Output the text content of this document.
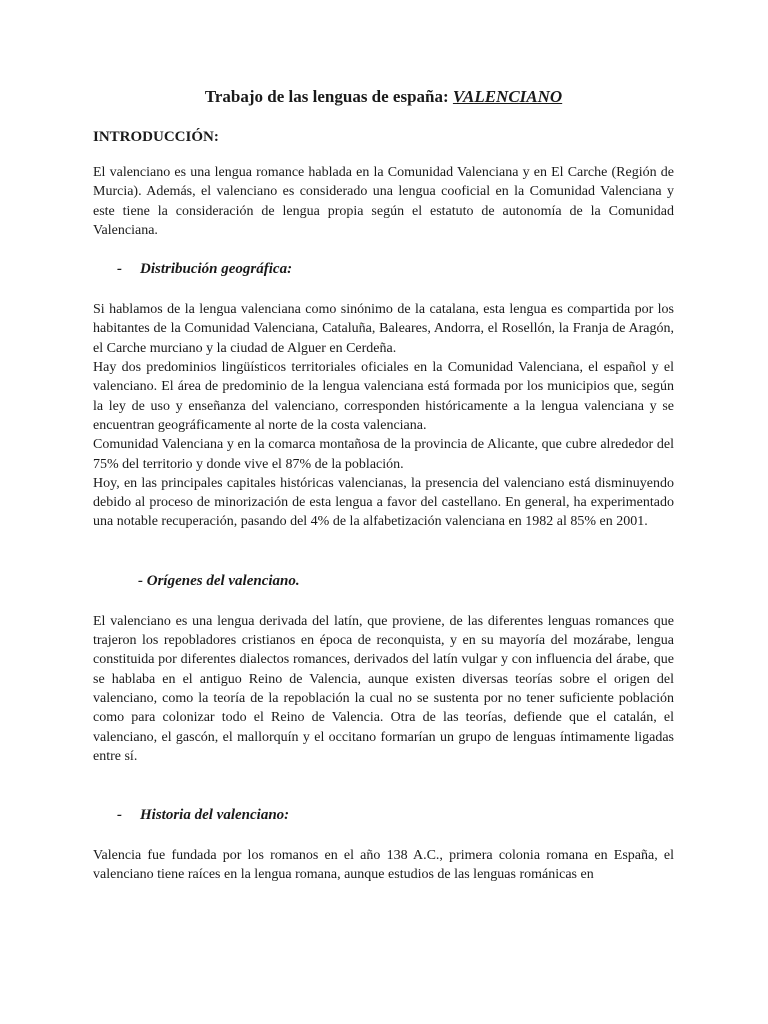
Trabajo de las lenguas de españa: VALENCIANO
INTRODUCCIÓN:

El valenciano es una lengua romance hablada en la Comunidad Valenciana y en El Carche (Región de Murcia). Además, el valenciano es considerado una lengua cooficial en la Comunidad Valenciana y este tiene la consideración de lengua propia según el estatuto de autonomía de la Comunidad Valenciana.

- Distribución geográfica:

Si hablamos de la lengua valenciana como sinónimo de la catalana, esta lengua es compartida por los habitantes de la Comunidad Valenciana, Cataluña, Baleares, Andorra, el Rosellón, la Franja de Aragón, el Carche murciano y la ciudad de Alguer en Cerdeña.

Hay dos predominios lingüísticos territoriales oficiales en la Comunidad Valenciana, el español y el valenciano. El área de predominio de la lengua valenciana está formada por los municipios que, según la ley de uso y enseñanza del valenciano, corresponden históricamente a la lengua valenciana y se encuentran geográficamente al norte de la costa valenciana.

Comunidad Valenciana y en la comarca montañosa de la provincia de Alicante, que cubre alrededor del 75% del territorio y donde vive el 87% de la población.

Hoy, en las principales capitales históricas valencianas, la presencia del valenciano está disminuyendo debido al proceso de minorización de esta lengua a favor del castellano. En general, ha experimentado una notable recuperación, pasando del 4% de la alfabetización valenciana en 1982 al 85% en 2001.

- Orígenes del valenciano.

El valenciano es una lengua derivada del latín, que proviene, de las diferentes lenguas romances que trajeron los repobladores cristianos en época de reconquista, y en su mayoría del mozárabe, lengua constituida por diferentes dialectos romances, derivados del latín vulgar y con influencia del árabe, que se hablaba en el antiguo Reino de Valencia, aunque existen diversas teorías sobre el origen del valenciano, como la teoría de la repoblación la cual no se sustenta por no tener suficiente población como para colonizar todo el Reino de Valencia. Otra de las teorías, defiende que el catalán, el valenciano, el gascón, el mallorquín y el occitano formarían un grupo de lenguas íntimamente ligadas entre sí.

- Historia del valenciano:

Valencia fue fundada por los romanos en el año 138 A.C., primera colonia romana en España, el valenciano tiene raíces en la lengua romana, aunque estudios de las lenguas románicas en
